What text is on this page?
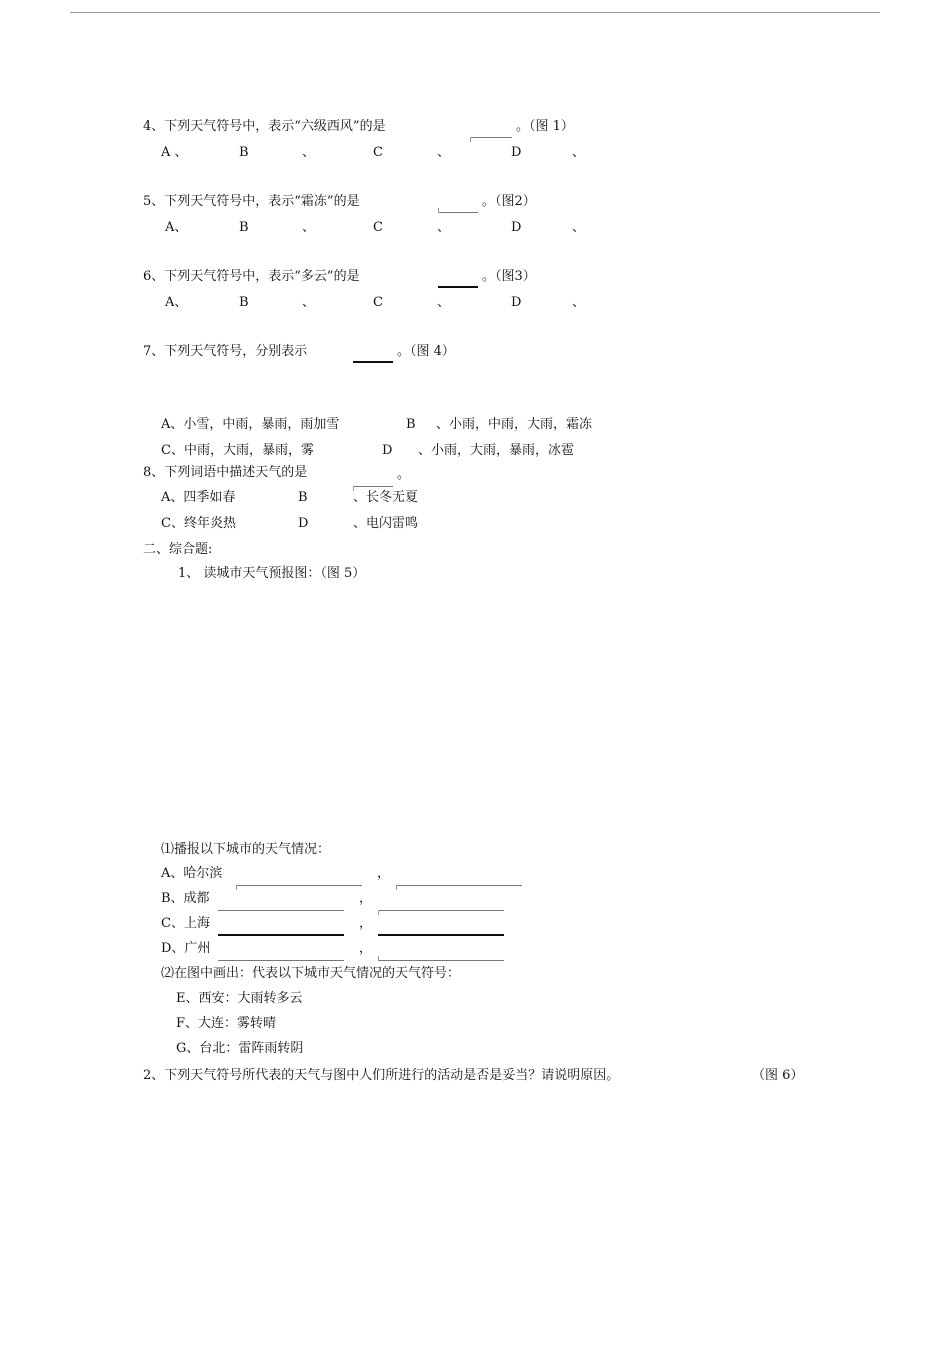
4、下列天气符号中，表示“六级西风”的是	。（图 1）
A 、	B	、	C	、	D	、
5、下列天气符号中，表示“霜冻”的是	。（图2）
A、	B	、	C	、	D	、
6、下列天气符号中，表示“多云”的是	。（图3）
A、	B	、	C	、	D	、
7、下列天气符号，分别表示	。（图 4）
A、小雪，中雨，暴雨，雨加雪	B 、小雨，中雨，大雨，霜冻
C、中雨，大雨，暴雨，雾	D 、小雨，大雨，暴雨，冰雹
8、下列词语中描述天气的是	。
A、四季如春	B	、长冬无夏
C、终年炎热	D	、电闪雷鸣
二、综合题:
1、 读城市天气预报图：（图 5）
⑴播报以下城市的天气情况：
A、哈尔滨	，
B、成都	，
C、上海	，
D、广州	，
⑵在图中画出：代表以下城市天气情况的天气符号：
E、西安：大雨转多云
F、大连：雾转晴
G、台北：雷阵雨转阴
2、下列天气符号所代表的天气与图中人们所进行的活动是否是妥当？请说明原因。	（图 6）
